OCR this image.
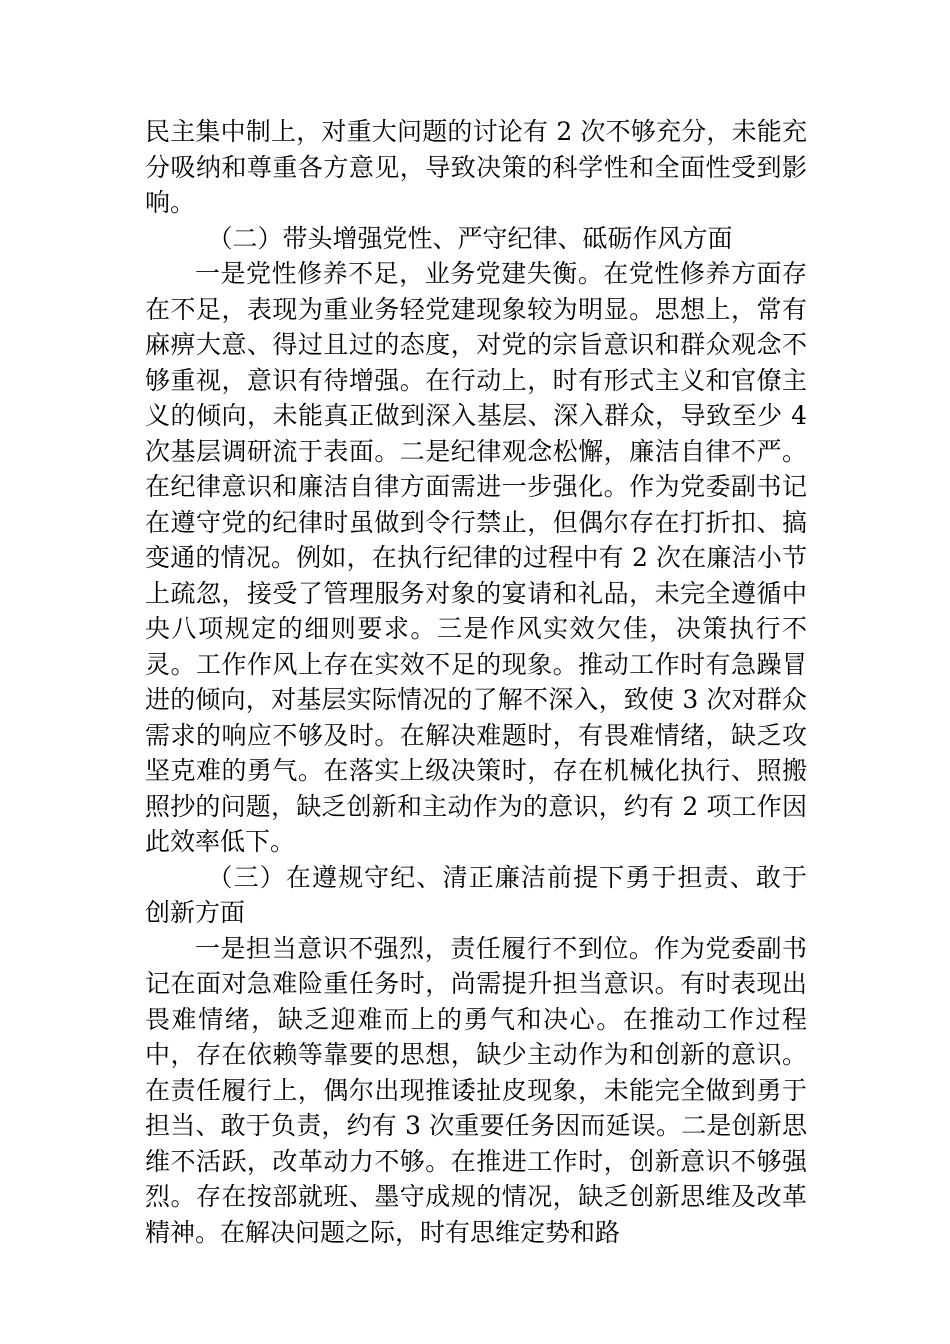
民主集中制上，对重大问题的讨论有 2 次不够充分，未能充分吸纳和尊重各方意见，导致决策的科学性和全面性受到影响。

（二）带头增强党性、严守纪律、砥砺作风方面

一是党性修养不足，业务党建失衡。在党性修养方面存在不足，表现为重业务轻党建现象较为明显。思想上，常有麻痹大意、得过且过的态度，对党的宗旨意识和群众观念不够重视，意识有待增强。在行动上，时有形式主义和官僚主义的倾向，未能真正做到深入基层、深入群众，导致至少 4 次基层调研流于表面。二是纪律观念松懈，廉洁自律不严。在纪律意识和廉洁自律方面需进一步强化。作为党委副书记在遵守党的纪律时虽做到令行禁止，但偶尔存在打折扣、搞变通的情况。例如，在执行纪律的过程中有 2 次在廉洁小节上疏忽，接受了管理服务对象的宴请和礼品，未完全遵循中央八项规定的细则要求。三是作风实效欠佳，决策执行不灵。工作作风上存在实效不足的现象。推动工作时有急躁冒进的倾向，对基层实际情况的了解不深入，致使 3 次对群众需求的响应不够及时。在解决难题时，有畏难情绪，缺乏攻坚克难的勇气。在落实上级决策时，存在机械化执行、照搬照抄的问题，缺乏创新和主动作为的意识，约有 2 项工作因此效率低下。

（三）在遵规守纪、清正廉洁前提下勇于担责、敢于创新方面

一是担当意识不强烈，责任履行不到位。作为党委副书记在面对急难险重任务时，尚需提升担当意识。有时表现出畏难情绪，缺乏迎难而上的勇气和决心。在推动工作过程中，存在依赖等靠要的思想，缺少主动作为和创新的意识。在责任履行上，偶尔出现推诿扯皮现象，未能完全做到勇于担当、敢于负责，约有 3 次重要任务因而延误。二是创新思维不活跃，改革动力不够。在推进工作时，创新意识不够强烈。存在按部就班、墨守成规的情况，缺乏创新思维及改革精神。在解决问题之际，时有思维定势和路
